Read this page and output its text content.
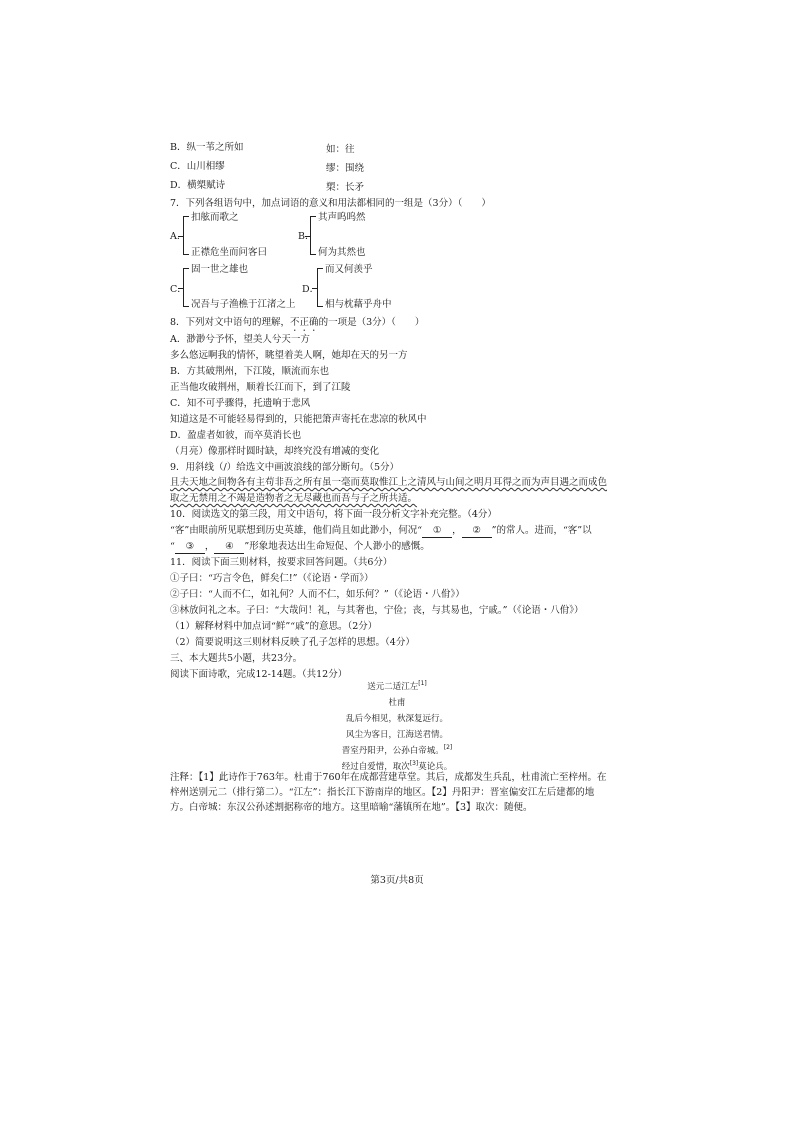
B．纵一苇之所如	如：往
C．山川相缪	缪：围绕
D．横槊赋诗	槊：长矛
7．下列各组语句中，加点词语的意义和用法都相同的一组是（3分）（　　）
A．
扣舷而歌之
正襟危坐而问客曰
B．
其声呜呜然
何为其然也
C．
固一世之雄也
况吾与子渔樵于江渚之上
D．
而又何羡乎
相与枕藉乎舟中
8．下列对文中语句的理解，不正确的一项是（3分）（　　）
A．渺渺兮予怀，望美人兮天一方
多么悠远啊我的情怀，眺望着美人啊，她却在天的另一方
B．方其破荆州，下江陵，顺流而东也
正当他攻破荆州，顺着长江而下，到了江陵
C．知不可乎骤得，托遗响于悲风
知道这是不可能轻易得到的，只能把箫声寄托在悲凉的秋风中
D．盈虚者如彼，而卒莫消长也
（月亮）像那样时圆时缺，却终究没有增减的变化
9．用斜线（/）给选文中画波浪线的部分断句。（5分）
且夫天地之间物各有主苟非吾之所有虽一毫而莫取惟江上之清风与山间之明月耳得之而为声目遇之而成色
取之无禁用之不竭是造物者之无尽藏也而吾与子之所共适。
10．阅读选文的第三段，用文中语句，将下面一段分析文字补充完整。（4分）
“客”由眼前所见联想到历史英雄，他们尚且如此渺小，何况“ ① ， ② ”的常人。进而，“客”以
“ ③ ， ④ ”形象地表达出生命短促、个人渺小的感慨。
11．阅读下面三则材料，按要求回答问题。（共6分）
①子曰：“巧言令色，鲜矣仁!”（《论语・学而》）
②子曰：“人而不仁，如礼何？人而不仁，如乐何？”（《论语・八佾》）
③林放问礼之本。子曰：“大哉问！礼，与其奢也，宁俭；丧，与其易也，宁戚。”（《论语・八佾》）
（1）解释材料中加点词“鲜”“戚”的意思。（2分）
（2）简要说明这三则材料反映了孔子怎样的思想。（4分）
三、本大题共5小题，共23分。
阅读下面诗歌，完成12-14题。（共12分）
送元二适江左[1]
杜甫
乱后今相见，秋深复远行。
风尘为客日，江海送君情。
晋室丹阳尹，公孙白帝城。[2]
经过自爱惜，取次[3]莫论兵。
注释：【1】此诗作于763年。杜甫于760年在成都营建草堂。其后，成都发生兵乱，杜甫流亡至梓州。在
梓州送别元二（排行第二）。“江左”：指长江下游南岸的地区。【2】丹阳尹：晋室偏安江左后建都的地
方。白帝城：东汉公孙述割据称帝的地方。这里暗喻“藩镇所在地”。【3】取次：随便。
第3页/共8页
